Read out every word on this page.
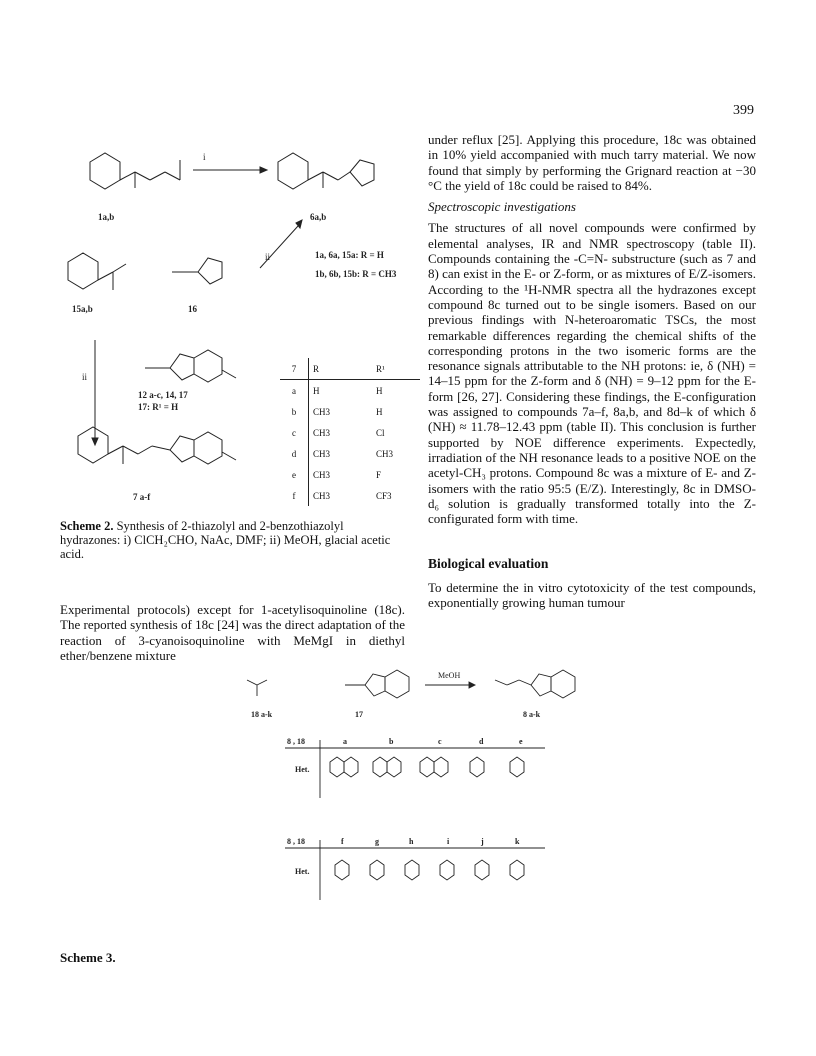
399
i
ii
ii
1a,b	6a,b
15a,b	16
1a, 6a, 15a: R = H
1b, 6b, 15b: R = CH3
12 a-c, 14, 17
17: R¹ = H
7 a-f
7	R	R¹
a	H	H
b	CH3	H
c	CH3	Cl
d	CH3	CH3
e	CH3	F
f	CH3	CF3
Scheme 2. Synthesis of 2-thiazolyl and 2-benzothiazolyl hydrazones: i) ClCH₂CHO, NaAc, DMF; ii) MeOH, glacial acetic acid.

Experimental protocols) except for 1-acetylisoquinoline (18c). The reported synthesis of 18c [24] was the direct adaptation of the reaction of 3-cyanoisoquinoline with MeMgI in diethyl ether/benzene mixture

under reflux [25]. Applying this procedure, 18c was obtained in 10% yield accompanied with much tarry material. We now found that simply by performing the Grignard reaction at −30 °C the yield of 18c could be raised to 84%.

Spectroscopic investigations

The structures of all novel compounds were confirmed by elemental analyses, IR and NMR spectroscopy (table II). Compounds containing the -C=N- substructure (such as 7 and 8) can exist in the E- or Z-form, or as mixtures of E/Z-isomers. According to the ¹H-NMR spectra all the hydrazones except compound 8c turned out to be single isomers. Based on our previous findings with N-heteroaromatic TSCs, the most remarkable differences regarding the chemical shifts of the corresponding protons in the two isomeric forms are the resonance signals attributable to the NH protons: ie, δ (NH) = 14–15 ppm for the Z-form and δ (NH) = 9–12 ppm for the E-form [26, 27]. Considering these findings, the E-configuration was assigned to compounds 7a–f, 8a,b, and 8d–k of which δ (NH) ≈ 11.78–12.43 ppm (table II). This conclusion is further supported by NOE difference experiments. Expectedly, irradiation of the NH resonance leads to a positive NOE on the acetyl-CH₃ protons. Compound 8c was a mixture of E- and Z-isomers with the ratio 95:5 (E/Z). Interestingly, 8c in DMSO-d₆ solution is gradually transformed totally into the Z-configurated form with time.

Biological evaluation

To determine the in vitro cytotoxicity of the test compounds, exponentially growing human tumour

MeOH
18 a-k	17	8 a-k
8 , 18	a	b	c	d	e
Het.
8 , 18	f	g	h	i	j	k
Het.
Scheme 3.
